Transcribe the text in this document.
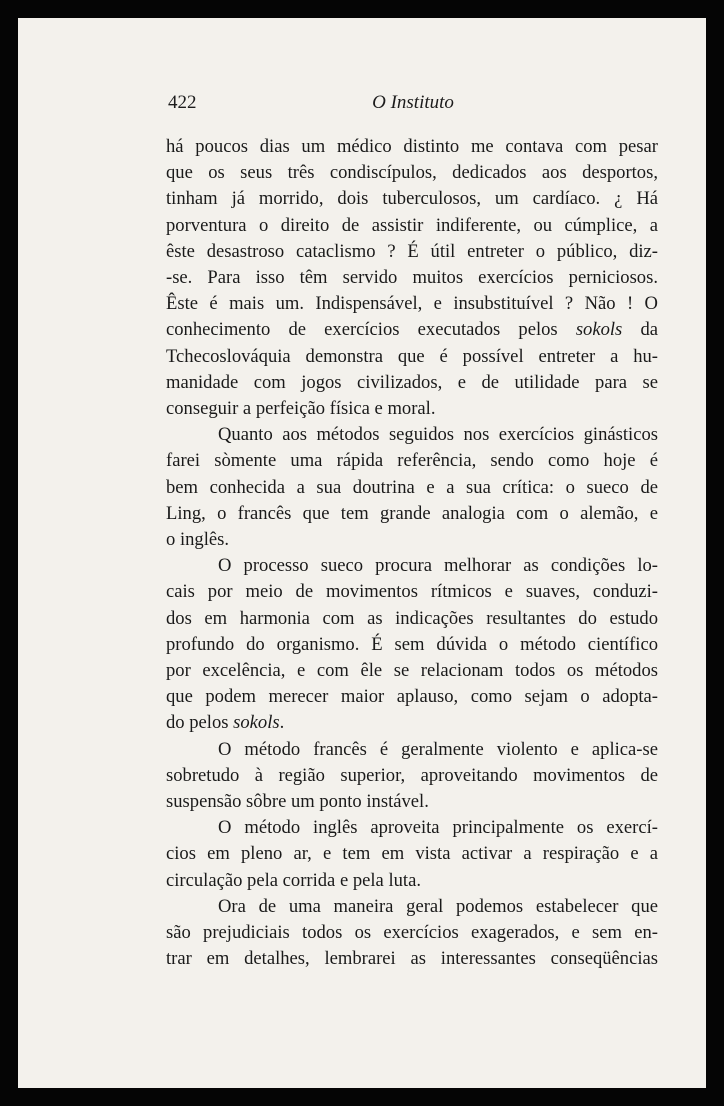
422	O Instituto
há poucos dias um médico distinto me contava com pesar
que os seus três condiscípulos, dedicados aos desportos,
tinham já morrido, dois tuberculosos, um cardíaco. ¿ Há
porventura o direito de assistir indiferente, ou cúmplice, a
êste desastroso cataclismo ? É útil entreter o público, diz-
-se. Para isso têm servido muitos exercícios perniciosos.
Êste é mais um. Indispensável, e insubstituível ? Não ! O
conhecimento de exercícios executados pelos sokols da
Tchecoslováquia demonstra que é possível entreter a hu-
manidade com jogos civilizados, e de utilidade para se
conseguir a perfeição física e moral.
Quanto aos métodos seguidos nos exercícios ginásticos
farei sòmente uma rápida referência, sendo como hoje é
bem conhecida a sua doutrina e a sua crítica: o sueco de
Ling, o francês que tem grande analogia com o alemão, e
o inglês.
O processo sueco procura melhorar as condições lo-
cais por meio de movimentos rítmicos e suaves, conduzi-
dos em harmonia com as indicações resultantes do estudo
profundo do organismo. É sem dúvida o método científico
por excelência, e com êle se relacionam todos os métodos
que podem merecer maior aplauso, como sejam o adopta-
do pelos sokols.
O método francês é geralmente violento e aplica-se
sobretudo à região superior, aproveitando movimentos de
suspensão sôbre um ponto instável.
O método inglês aproveita principalmente os exercí-
cios em pleno ar, e tem em vista activar a respiração e a
circulação pela corrida e pela luta.
Ora de uma maneira geral podemos estabelecer que
são prejudiciais todos os exercícios exagerados, e sem en-
trar em detalhes, lembrarei as interessantes conseqüências
